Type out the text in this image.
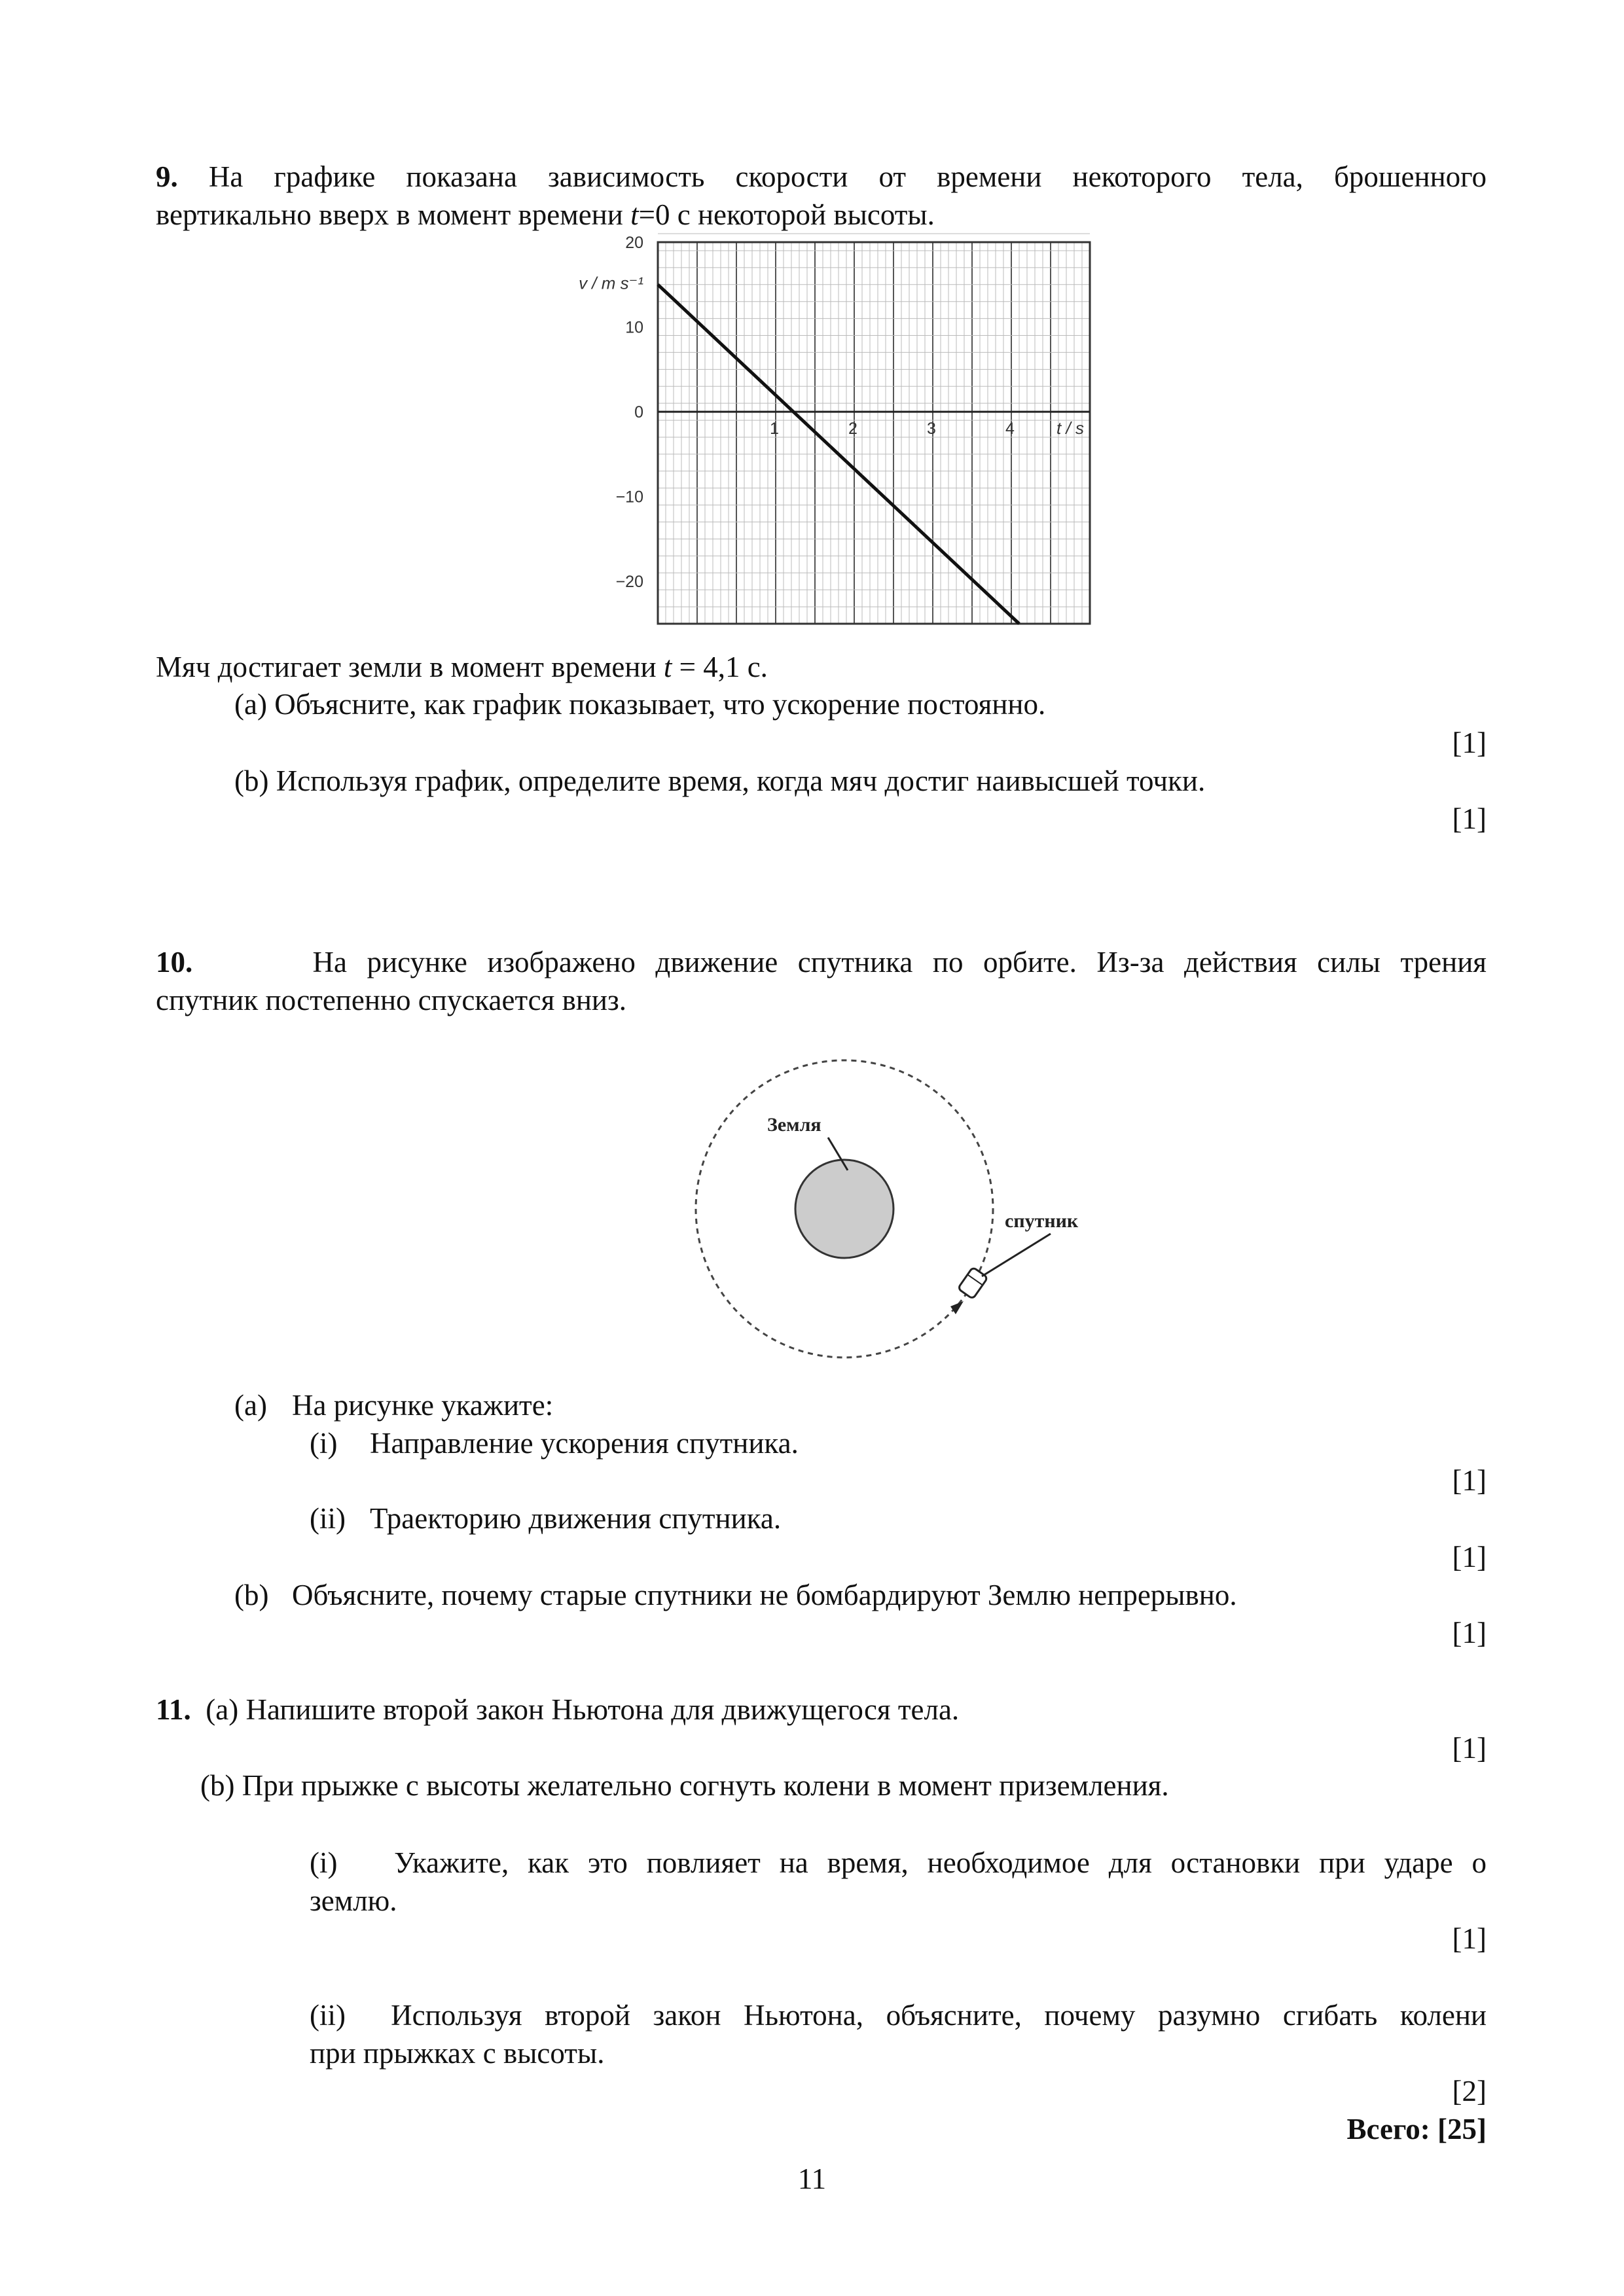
9. На графике показана зависимость скорости от времени некоторого тела, брошенного
вертикально вверх в момент времени t=0 с некоторой высоты.
20
10
0
−10
−20
1	2	3	4
v / m s⁻¹
t / s
Мяч достигает земли в момент времени t = 4,1 с.
(a) Объясните, как график показывает, что ускорение постоянно.
[1]
(b) Используя график, определите время, когда мяч достиг наивысшей точки.
[1]
10.	На рисунке изображено движение спутника по орбите. Из-за действия силы трения
спутник постепенно спускается вниз.
Земля
спутник
(a) На рисунке укажите:
(i) Направление ускорения спутника.
[1]
(ii) Траекторию движения спутника.
[1]
(b) Объясните, почему старые спутники не бомбардируют Землю непрерывно.
[1]
11. (a) Напишите второй закон Ньютона для движущегося тела.
[1]
(b) При прыжке с высоты желательно согнуть колени в момент приземления.
(i)   Укажите, как это повлияет на время, необходимое для остановки при ударе о
землю.
[1]
(ii)  Используя второй закон Ньютона, объясните, почему разумно сгибать колени
при прыжках с высоты.
[2]
Всего: [25]
11
